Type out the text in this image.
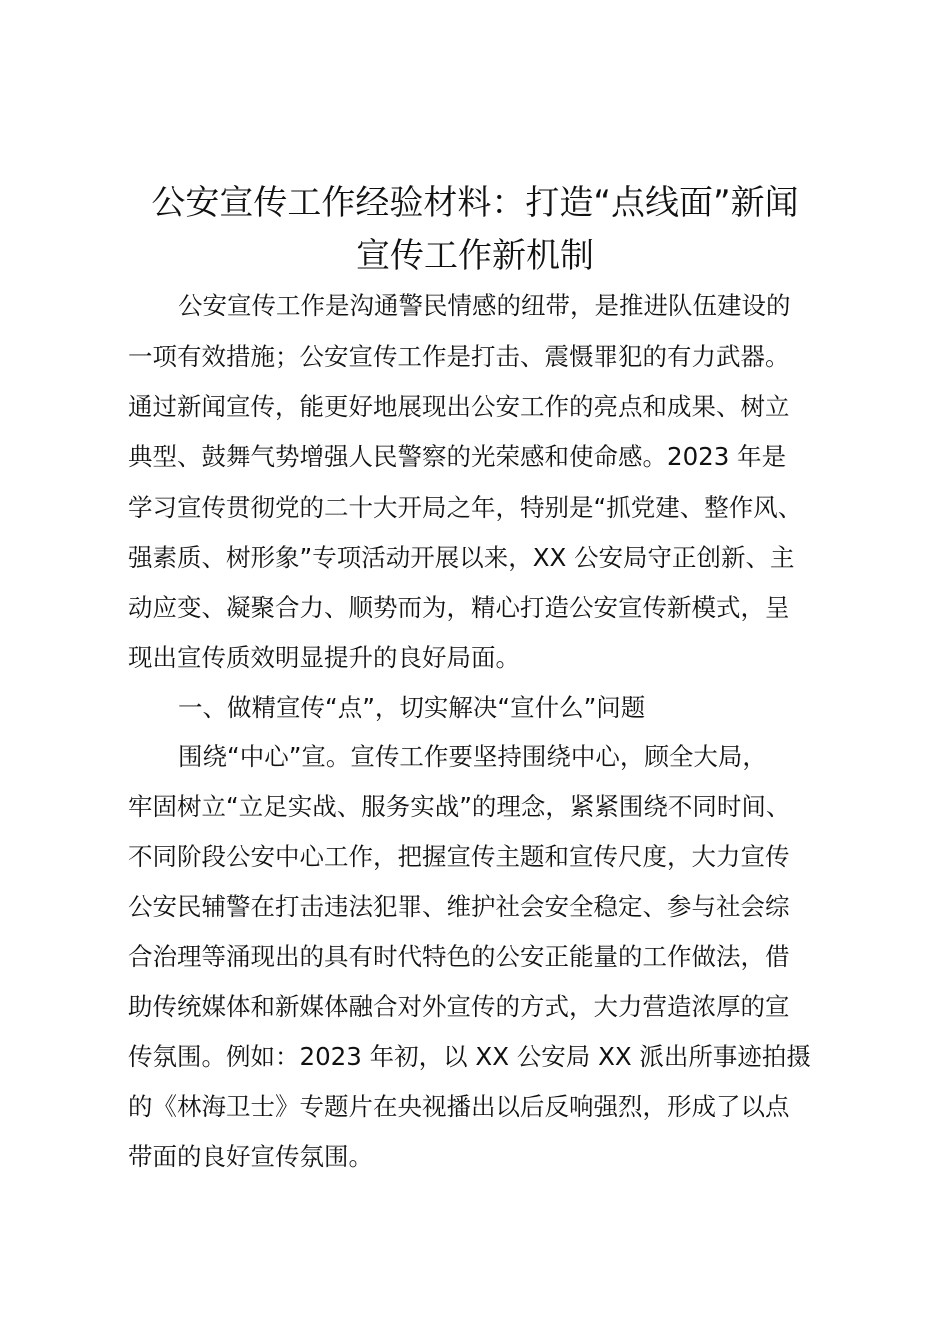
公安宣传工作经验材料：打造“点线面”新闻
宣传工作新机制
公安宣传工作是沟通警民情感的纽带，是推进队伍建设的
一项有效措施；公安宣传工作是打击、震慑罪犯的有力武器。
通过新闻宣传，能更好地展现出公安工作的亮点和成果、树立
典型、鼓舞气势增强人民警察的光荣感和使命感。2023 年是
学习宣传贯彻党的二十大开局之年，特别是“抓党建、整作风、
强素质、树形象”专项活动开展以来，XX 公安局守正创新、主
动应变、凝聚合力、顺势而为，精心打造公安宣传新模式，呈
现出宣传质效明显提升的良好局面。
一、做精宣传“点”，切实解决“宣什么”问题
围绕“中心”宣。宣传工作要坚持围绕中心，顾全大局，
牢固树立“立足实战、服务实战”的理念，紧紧围绕不同时间、
不同阶段公安中心工作，把握宣传主题和宣传尺度，大力宣传
公安民辅警在打击违法犯罪、维护社会安全稳定、参与社会综
合治理等涌现出的具有时代特色的公安正能量的工作做法，借
助传统媒体和新媒体融合对外宣传的方式，大力营造浓厚的宣
传氛围。例如：2023 年初，以 XX 公安局 XX 派出所事迹拍摄
的《林海卫士》专题片在央视播出以后反响强烈，形成了以点
带面的良好宣传氛围。
